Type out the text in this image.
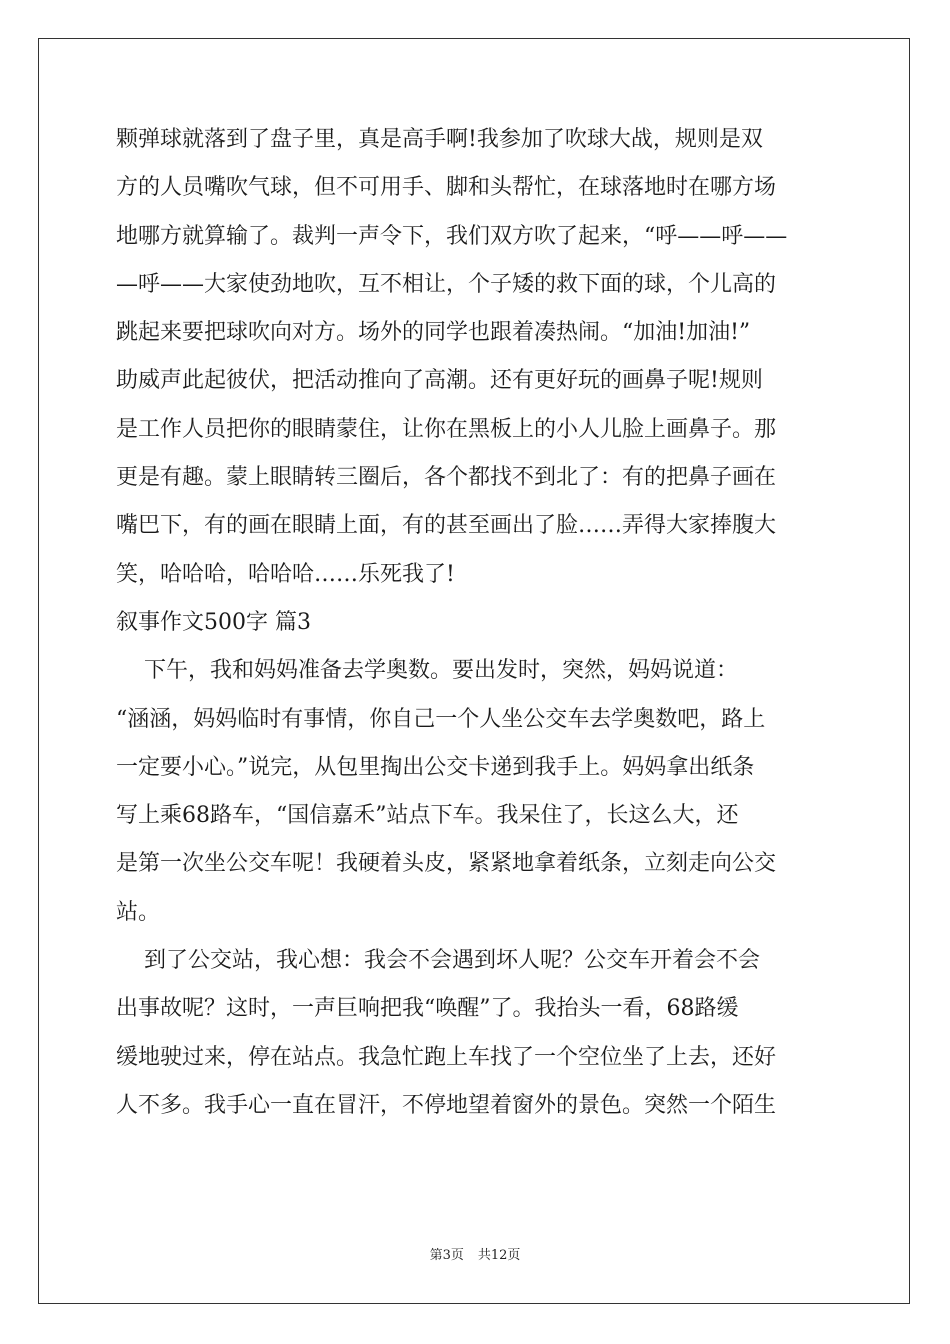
颗弹球就落到了盘子里，真是高手啊!我参加了吹球大战，规则是双
方的人员嘴吹气球，但不可用手、脚和头帮忙，在球落地时在哪方场
地哪方就算输了。裁判一声令下，我们双方吹了起来，“呼——呼——
—呼——大家使劲地吹，互不相让，个子矮的救下面的球，个儿高的
跳起来要把球吹向对方。场外的同学也跟着凑热闹。“加油!加油!”
助威声此起彼伏，把活动推向了高潮。还有更好玩的画鼻子呢!规则
是工作人员把你的眼睛蒙住，让你在黑板上的小人儿脸上画鼻子。那
更是有趣。蒙上眼睛转三圈后，各个都找不到北了：有的把鼻子画在
嘴巴下，有的画在眼睛上面，有的甚至画出了脸……弄得大家捧腹大
笑，哈哈哈，哈哈哈……乐死我了!
叙事作文500字 篇3
下午，我和妈妈准备去学奥数。要出发时，突然，妈妈说道：
“涵涵，妈妈临时有事情，你自己一个人坐公交车去学奥数吧，路上
一定要小心。”说完，从包里掏出公交卡递到我手上。妈妈拿出纸条
写上乘68路车，“国信嘉禾”站点下车。我呆住了，长这么大，还
是第一次坐公交车呢！我硬着头皮，紧紧地拿着纸条，立刻走向公交
站。
到了公交站，我心想：我会不会遇到坏人呢？公交车开着会不会
出事故呢？这时，一声巨响把我“唤醒”了。我抬头一看，68路缓
缓地驶过来，停在站点。我急忙跑上车找了一个空位坐了上去，还好
人不多。我手心一直在冒汗，不停地望着窗外的景色。突然一个陌生
第3页 共12页
